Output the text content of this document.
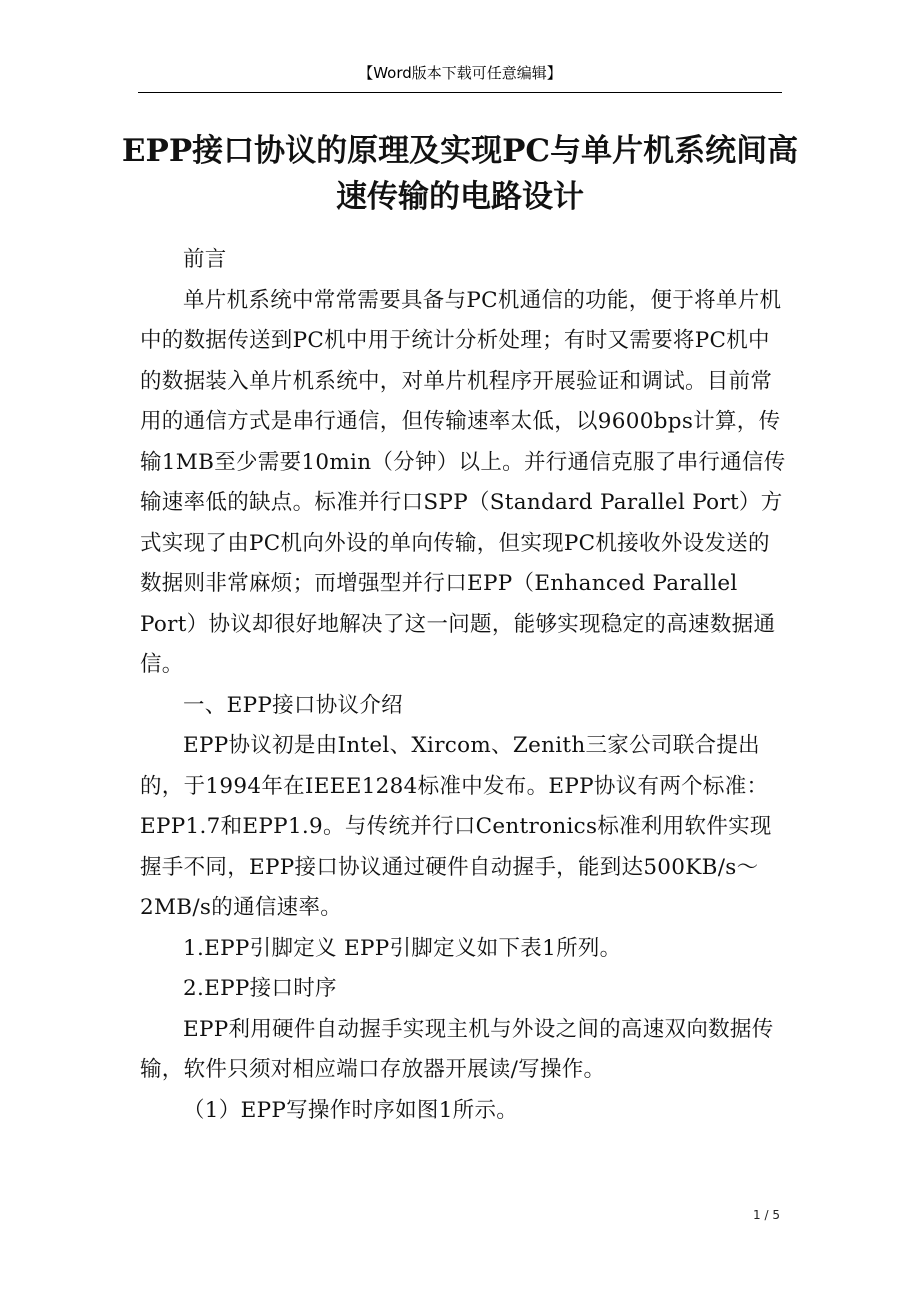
【Word版本下载可任意编辑】
EPP接口协议的原理及实现PC与单片机系统间高速传输的电路设计

前言

单片机系统中常常需要具备与PC机通信的功能，便于将单片机中的数据传送到PC机中用于统计分析处理；有时又需要将PC机中的数据装入单片机系统中，对单片机程序开展验证和调试。目前常用的通信方式是串行通信，但传输速率太低，以9600bps计算，传输1MB至少需要10min（分钟）以上。并行通信克服了串行通信传输速率低的缺点。标准并行口SPP（Standard Parallel Port）方式实现了由PC机向外设的单向传输，但实现PC机接收外设发送的数据则非常麻烦；而增强型并行口EPP（Enhanced Parallel Port）协议却很好地解决了这一问题，能够实现稳定的高速数据通信。

一、EPP接口协议介绍

EPP协议初是由Intel、Xircom、Zenith三家公司联合提出的，于1994年在IEEE1284标准中发布。EPP协议有两个标准：EPP1.7和EPP1.9。与传统并行口Centronics标准利用软件实现握手不同，EPP接口协议通过硬件自动握手，能到达500KB/s～2MB/s的通信速率。

1.EPP引脚定义 EPP引脚定义如下表1所列。

2.EPP接口时序

EPP利用硬件自动握手实现主机与外设之间的高速双向数据传输，软件只须对相应端口存放器开展读/写操作。

（1）EPP写操作时序如图1所示。

1 / 5
